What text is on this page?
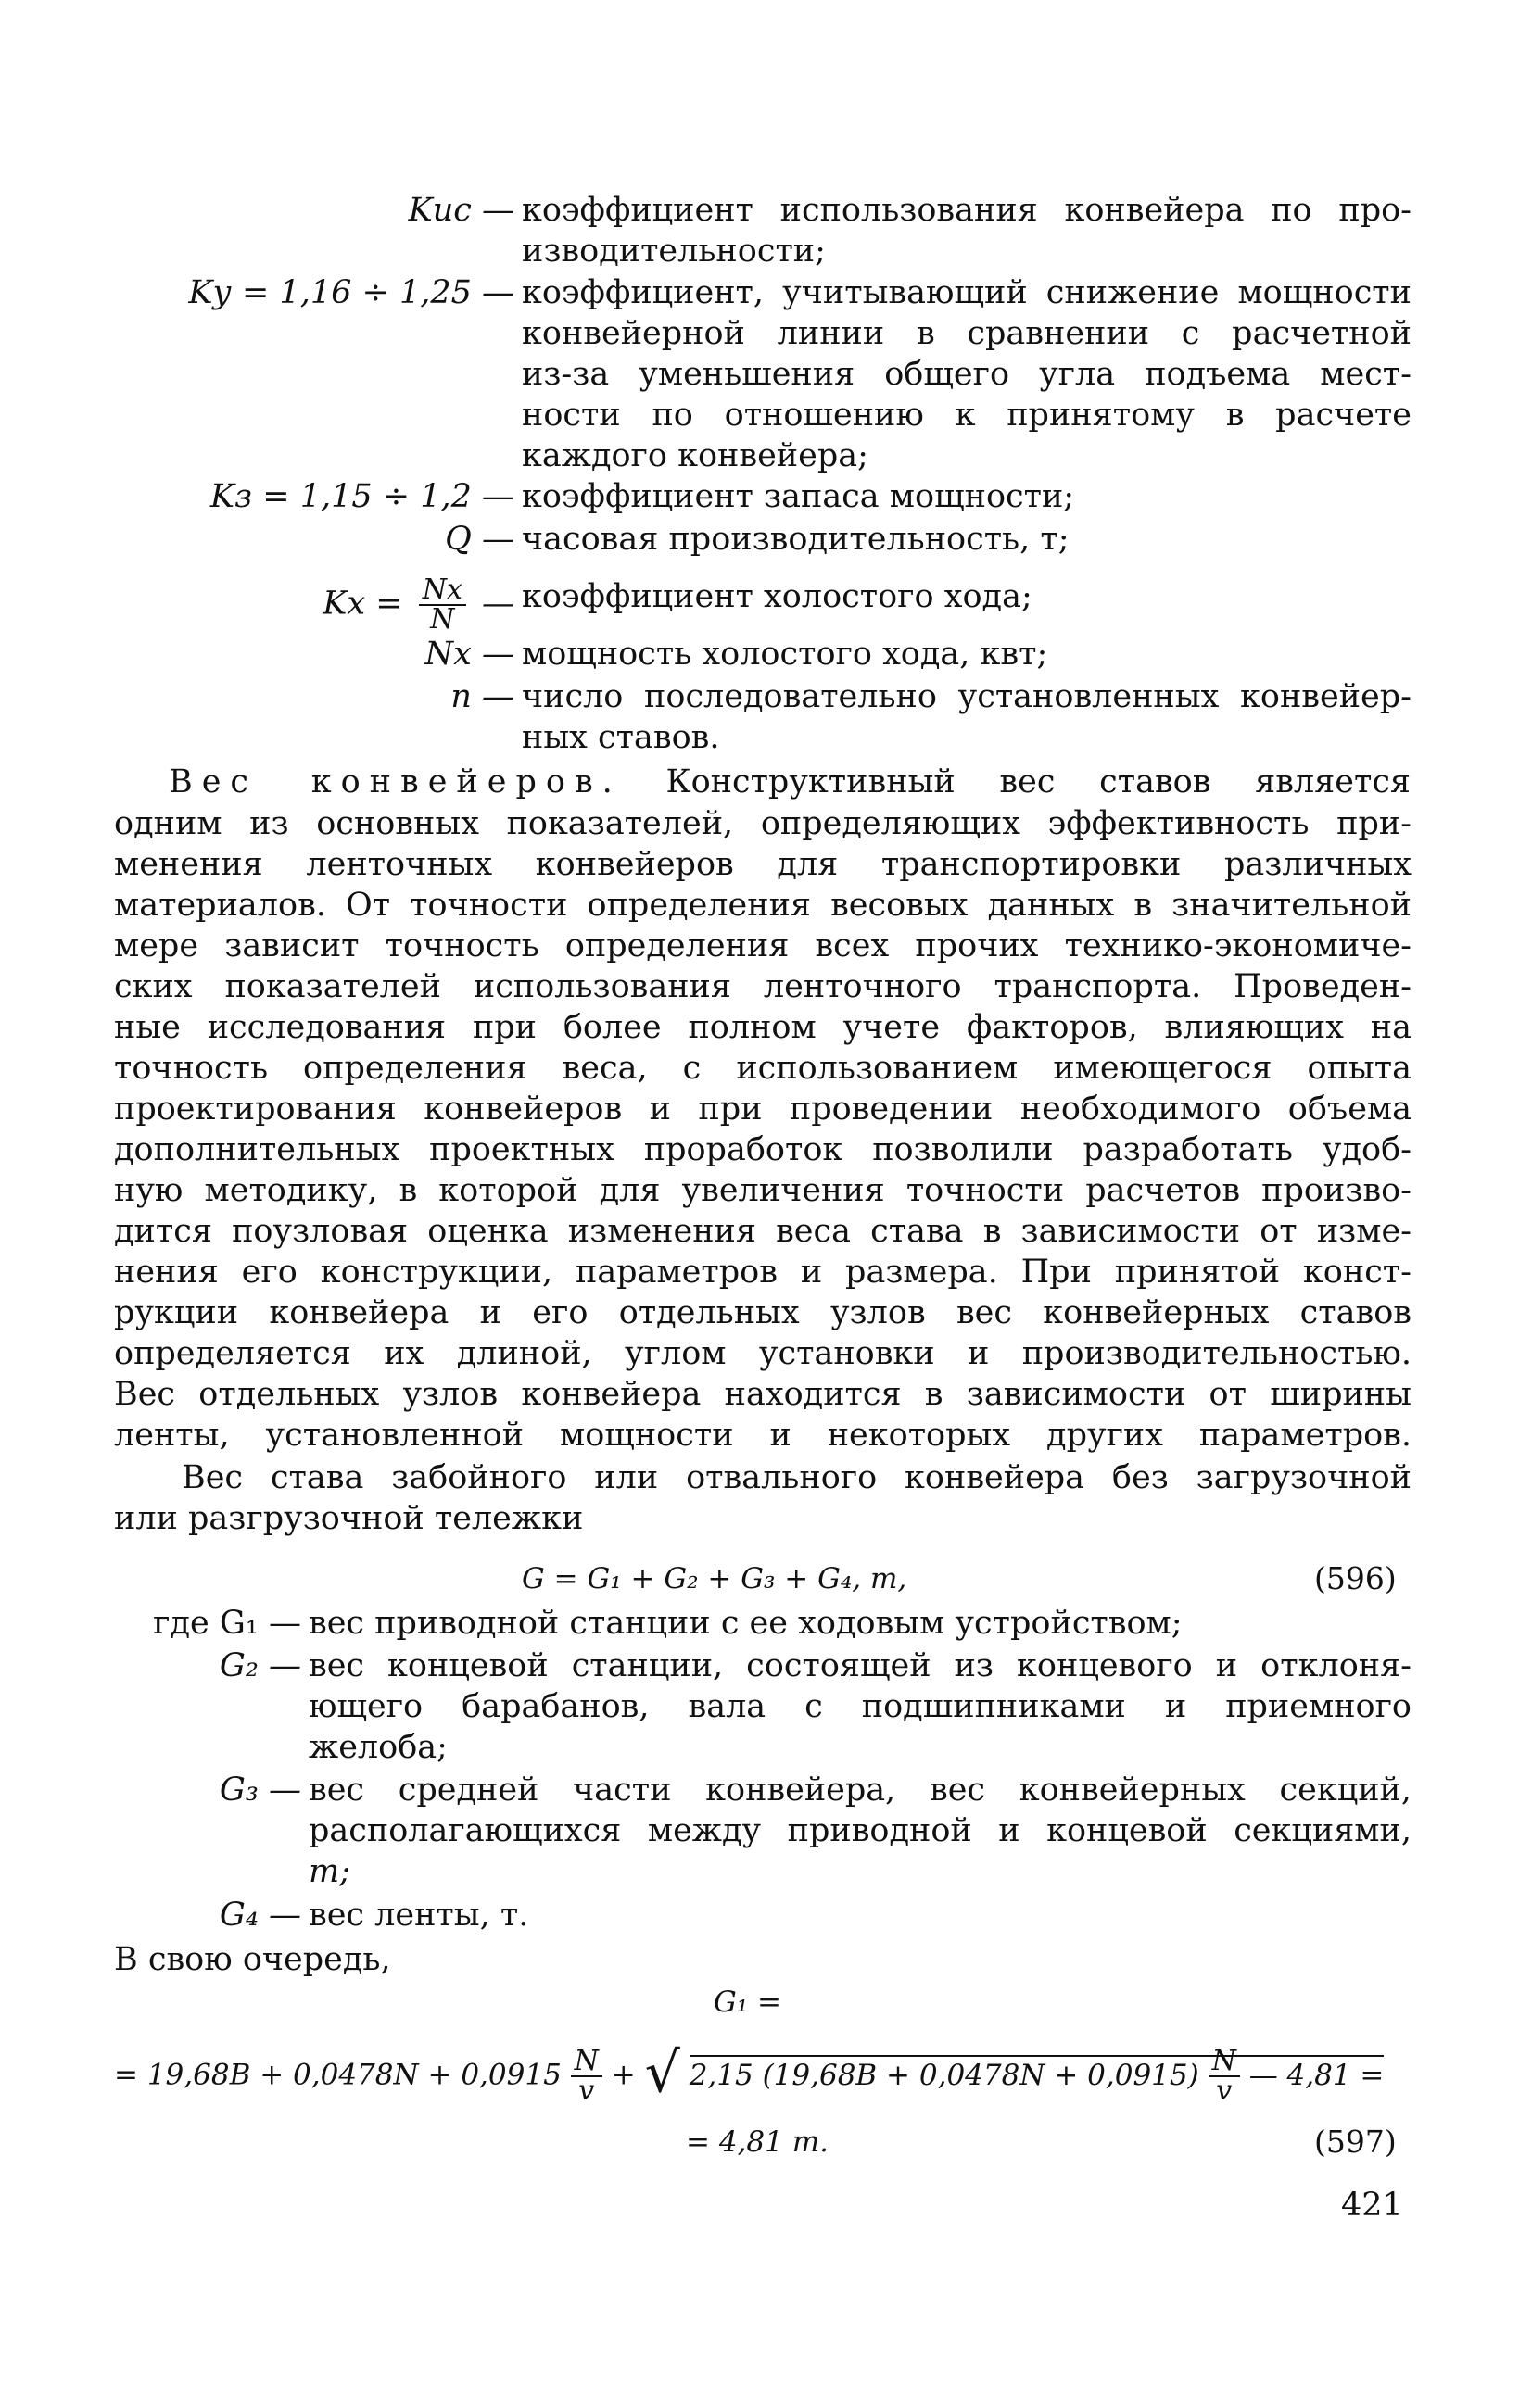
Kис — коэффициент использования конвейера по про-
изводительности;
Kу = 1,16 ÷ 1,25 — коэффициент, учитывающий снижение мощности
конвейерной линии в сравнении с расчетной
из-за уменьшения общего угла подъема мест-
ности по отношению к принятому в расчете
каждого конвейера;
Kз = 1,15 ÷ 1,2 — коэффициент запаса мощности;
Q — часовая производительность, т;
Kх = $\frac{Nх}{N}$ — коэффициент холостого хода;
Nх — мощность холостого хода, квт;
n — число последовательно установленных конвейер-
ных ставов.
Вес конвейеров. Конструктивный вес ставов является
одним из основных показателей, определяющих эффективность при-
менения ленточных конвейеров для транспортировки различных
материалов. От точности определения весовых данных в значительной
мере зависит точность определения всех прочих технико-экономиче-
ских показателей использования ленточного транспорта. Проведен-
ные исследования при более полном учете факторов, влияющих на
точность определения веса, с использованием имеющегося опыта
проектирования конвейеров и при проведении необходимого объема
дополнительных проектных проработок позволили разработать удоб-
ную методику, в которой для увеличения точности расчетов произво-
дится поузловая оценка изменения веса става в зависимости от изме-
нения его конструкции, параметров и размера. При принятой конст-
рукции конвейера и его отдельных узлов вес конвейерных ставов
определяется их длиной, углом установки и производительностью.
Вес отдельных узлов конвейера находится в зависимости от ширины
ленты, установленной мощности и некоторых других параметров.
Вес става забойного или отвального конвейера без загрузочной
или разгрузочной тележки
G = G₁ + G₂ + G₃ + G₄, т,	(596)
где G₁ — вес приводной станции с ее ходовым устройством;
G₂ — вес концевой станции, состоящей из концевого и отклоня-
ющего барабанов, вала с подшипниками и приемного
желоба;
G₃ — вес средней части конвейера, вес конвейерных секций,
располагающихся между приводной и концевой секциями,
т;
G₄ — вес ленты, т.
В свою очередь,
G₁ =
= $19,68B + 0,0478N + 0,0915 \frac{N}{v}$ + √ 2,15 $(19,68B + 0,0478N + 0,0915) \frac{N}{v}$ — 4,81 =
= 4,81 т.	(597)
421
